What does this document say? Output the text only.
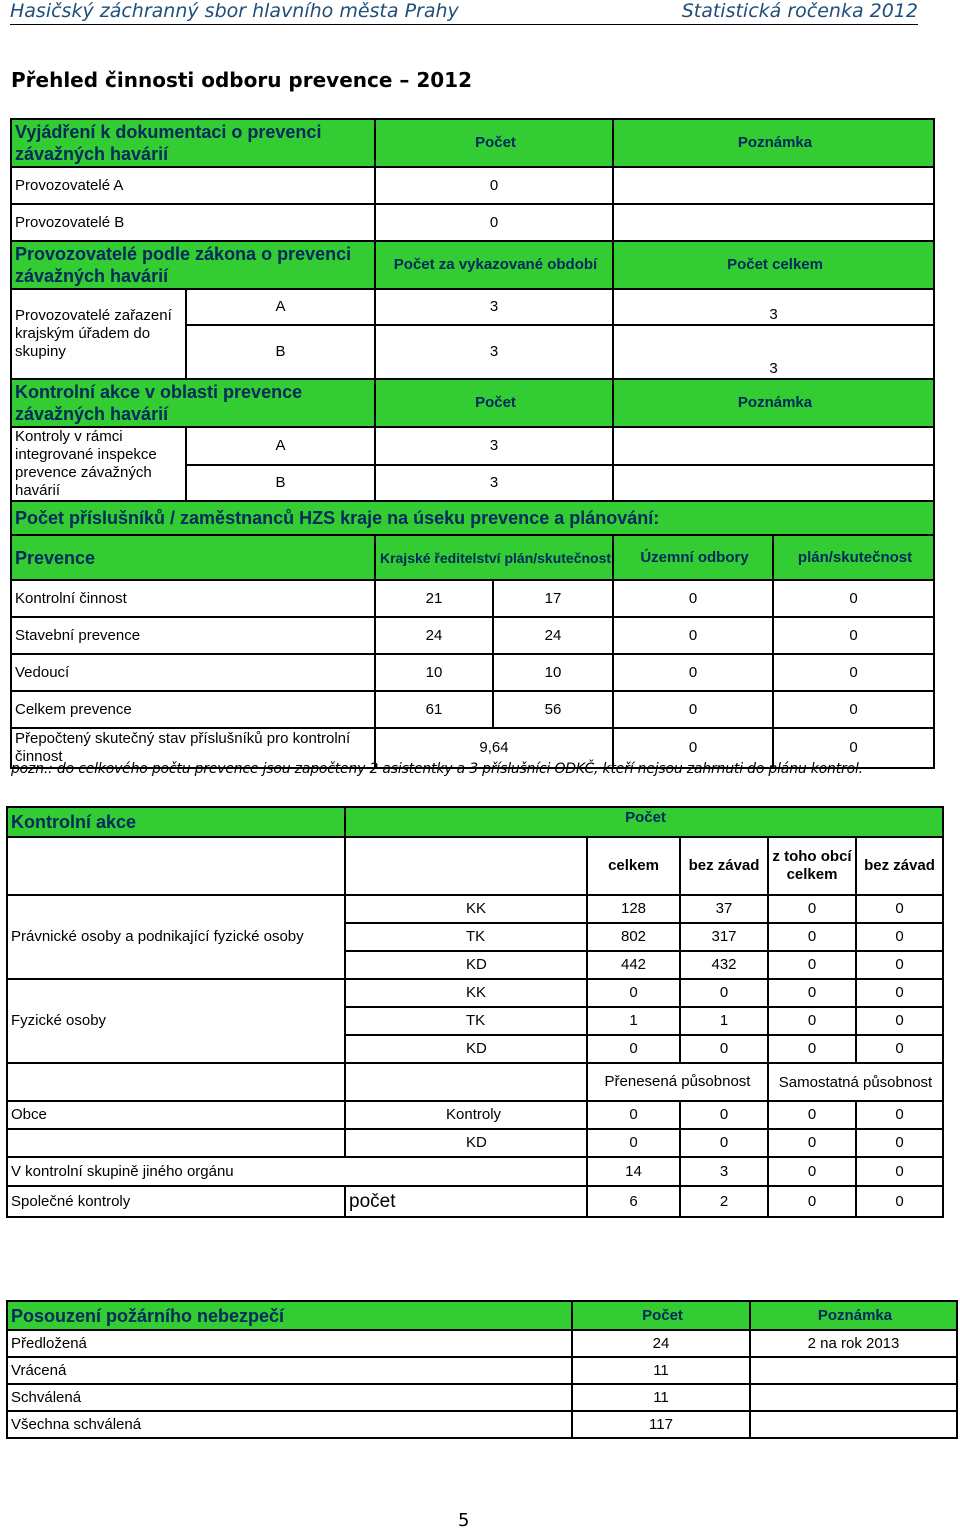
Hasičský záchranný sbor hlavního města Prahy	Statistická ročenka 2012
Přehled činnosti odboru prevence – 2012
Vyjádření k dokumentaci o prevenci závažných havárií		Počet		Poznámka	
Provozovatelé A		0			
Provozovatelé B		0			
Provozovatelé podle zákona o prevenci závažných havárií		Počet za vykazované období		Počet celkem	
Provozovatelé zařazení krajským úřadem do skupiny	A	3		3	
	B	3		3	
Kontrolní akce v oblasti prevence závažných havárií		Počet		Poznámka	
Kontroly v rámci integrované inspekce prevence závažných havárií	A	3			
	B	3			
Počet příslušníků / zaměstnanců HZS kraje na úseku prevence a plánování:					
Prevence		Krajské ředitelství plán/skutečnost		Územní odbory	plán/skutečnost
Kontrolní činnost		21	17	0	0
Stavební prevence		24	24	0	0
Vedoucí		10	10	0	0
Celkem prevence		61	56	0	0
Přepočtený skutečný stav příslušníků pro kontrolní činnost		9,64		0	0
pozn.: do celkového počtu prevence jsou započteny 2 asistentky a 3 příslušníci ODKČ, kteří nejsou zahrnuti do plánu kontrol.
Kontrolní akce	Počet				
		celkem	bez závad	z toho obcí celkem	bez závad
Právnické osoby a podnikající fyzické osoby	KK	128	37	0	0
	TK	802	317	0	0
	KD	442	432	0	0
Fyzické osoby	KK	0	0	0	0
	TK	1	1	0	0
	KD	0	0	0	0
		Přenesená působnost		Samostatná působnost	
Obce	Kontroly	0	0	0	0
	KD	0	0	0	0
V kontrolní skupině jiného orgánu		14	3	0	0
Společné kontroly	počet	6	2	0	0
Posouzení požárního nebezpečí	Počet	Poznámka
Předložená	24	2 na rok 2013
Vrácená	11	
Schválená	11	
Všechna schválená	117	
5
